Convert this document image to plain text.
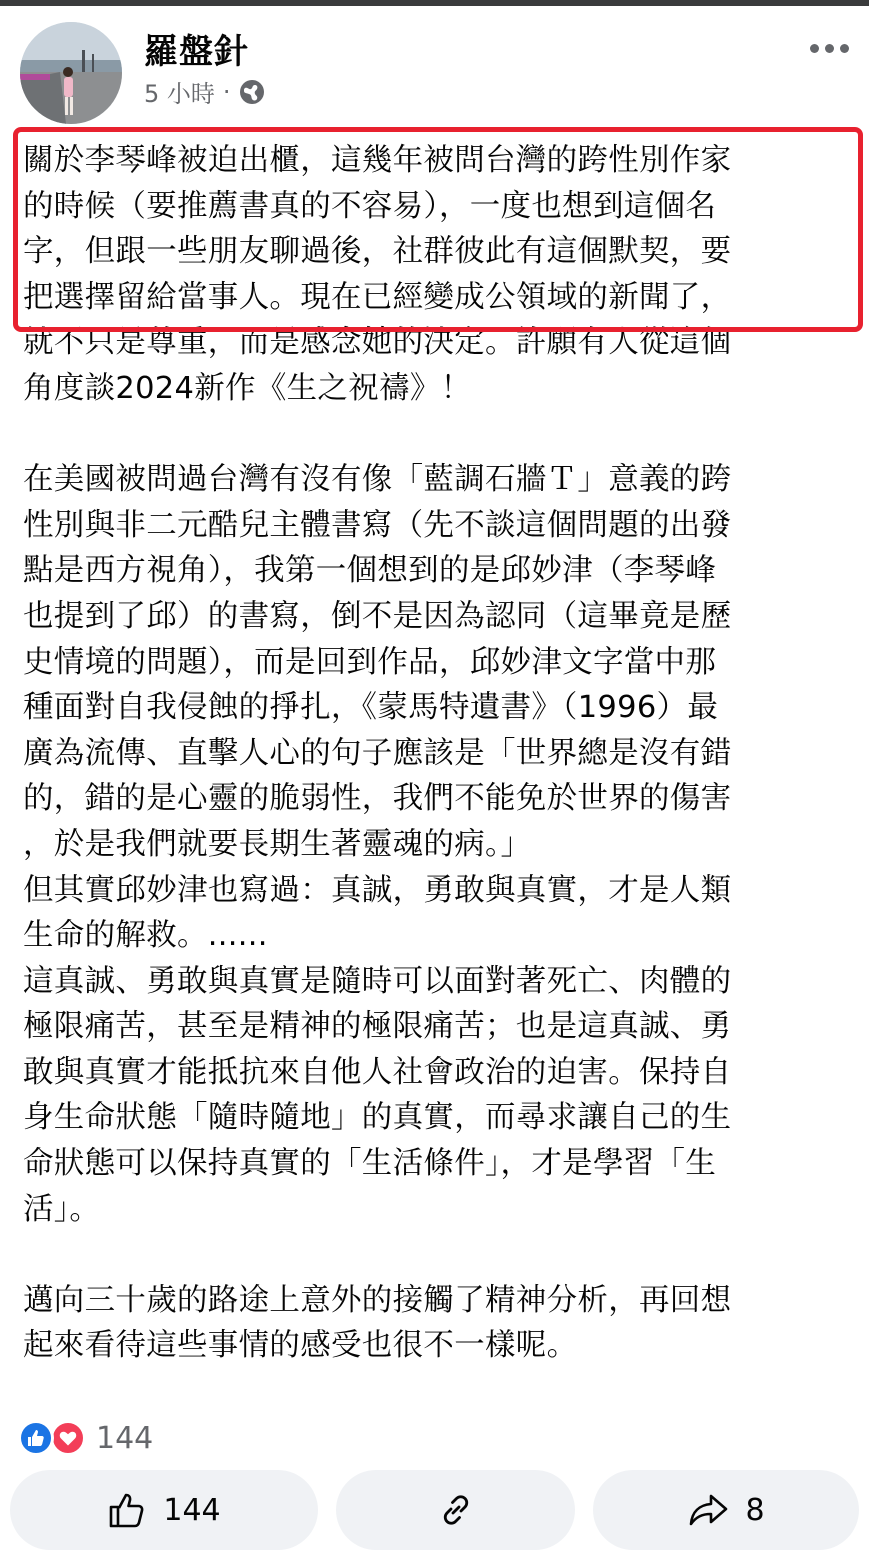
羅盤針
5 小時 ·

關於李琴峰被迫出櫃，這幾年被問台灣的跨性別作家

的時候（要推薦書真的不容易），一度也想到這個名

字，但跟一些朋友聊過後，社群彼此有這個默契，要

把選擇留給當事人。現在已經變成公領域的新聞了，

就不只是尊重，而是感念她的決定。許願有人從這個

角度談2024新作《生之祝禱》！

在美國被問過台灣有沒有像「藍調石牆Ｔ」意義的跨

性別與非二元酷兒主體書寫（先不談這個問題的出發

點是西方視角），我第一個想到的是邱妙津（李琴峰

也提到了邱）的書寫，倒不是因為認同（這畢竟是歷

史情境的問題），而是回到作品，邱妙津文字當中那

種面對自我侵蝕的掙扎，《蒙馬特遺書》（1996）最

廣為流傳、直擊人心的句子應該是「世界總是沒有錯

的，錯的是心靈的脆弱性，我們不能免於世界的傷害

，於是我們就要長期生著靈魂的病。」

但其實邱妙津也寫過：真誠，勇敢與真實，才是人類

生命的解救。......

這真誠、勇敢與真實是隨時可以面對著死亡、肉體的

極限痛苦，甚至是精神的極限痛苦；也是這真誠、勇

敢與真實才能抵抗來自他人社會政治的迫害。保持自

身生命狀態「隨時隨地」的真實，而尋求讓自己的生

命狀態可以保持真實的「生活條件」，才是學習「生

活」。

邁向三十歲的路途上意外的接觸了精神分析，再回想

起來看待這些事情的感受也很不一樣呢。

144
144	8
